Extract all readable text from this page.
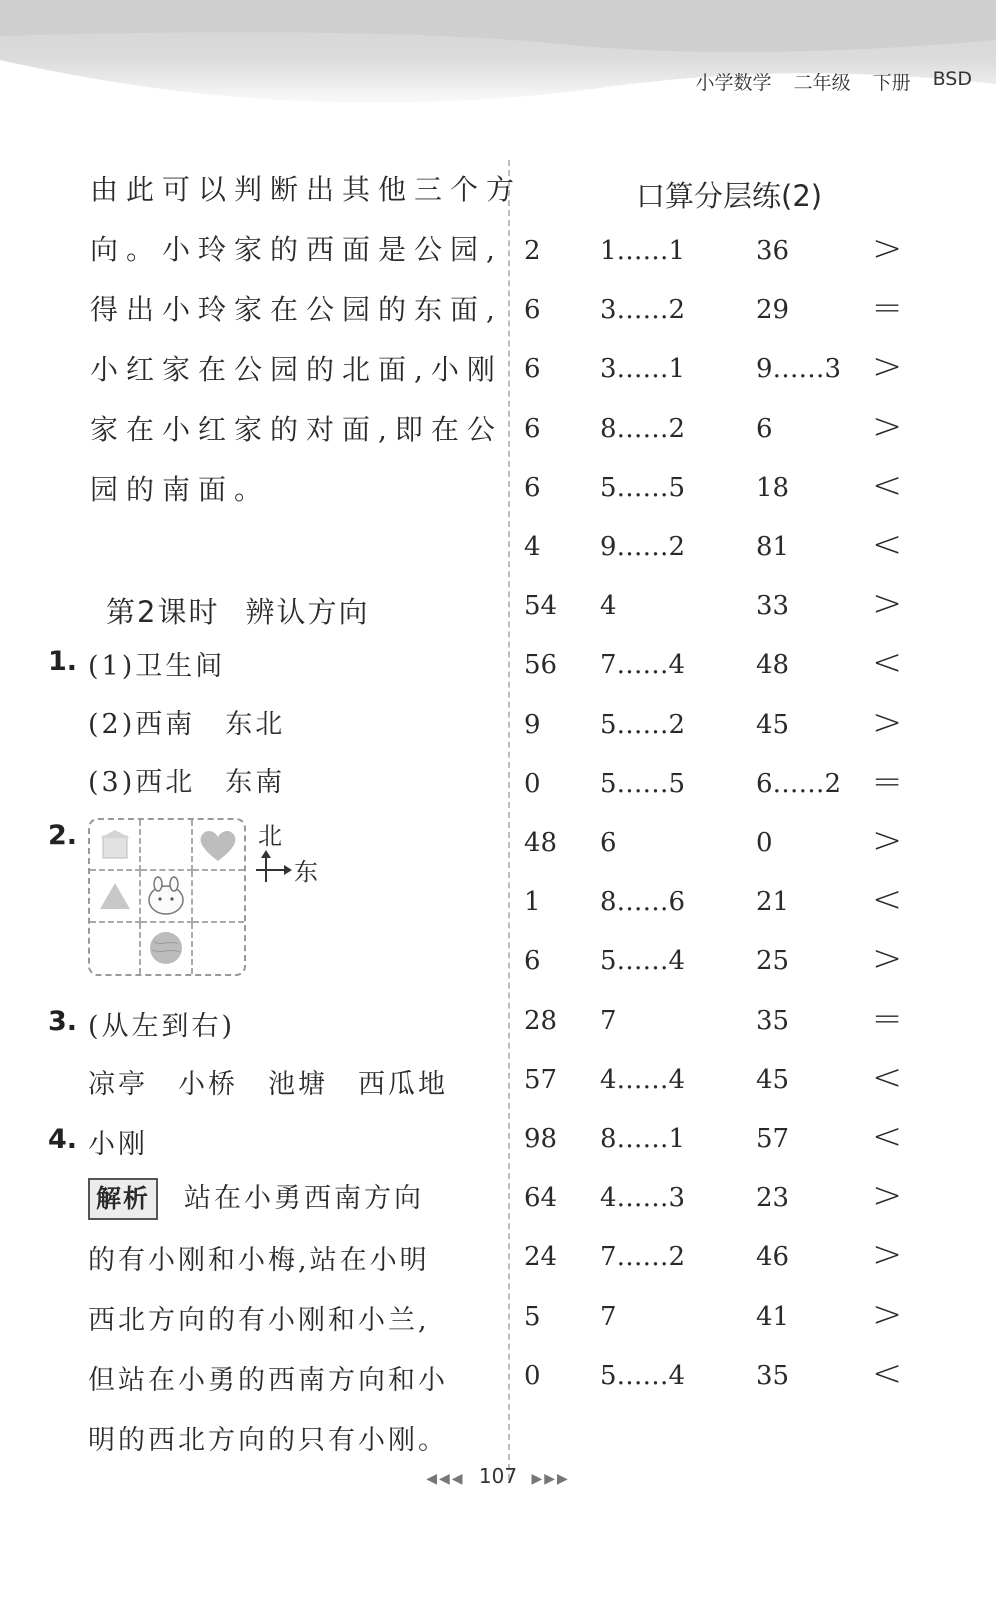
小学数学 二年级 下册 BSD
由此可以判断出其他三个方
向。小玲家的西面是公园,
得出小玲家在公园的东面,
小红家在公园的北面,小刚
家在小红家的对面,即在公
园的南面。
第2课时 辨认方向
1. (1)卫生间
(2)西南 东北
(3)西北 东南
2.	北
东
3. (从左到右)
凉亭 小桥 池塘 西瓜地
4. 小刚
解析 站在小勇西南方向
的有小刚和小梅,站在小明
西北方向的有小刚和小兰,
但站在小勇的西南方向和小
明的西北方向的只有小刚。
口算分层练(2)
2 1……1	36 >
6 3……2	29 =
6 3……1	9……3 >
6 8……2	6	>
6 5……5	18 <
4 9……2	81 <
54 4	33 >
56 7……4	48 <
9 5……2	45 >
0 5……5	6……2 =
48 6	0	>
1 8……6	21 <
6 5……4	25 >
28 7	35 =
57 4……4	45 <
98 8……1	57 <
64 4……3	23 >
24 7……2	46 >
5 7	41 >
0 5……4	35 <
◀◀◀ 107 ▶▶▶
